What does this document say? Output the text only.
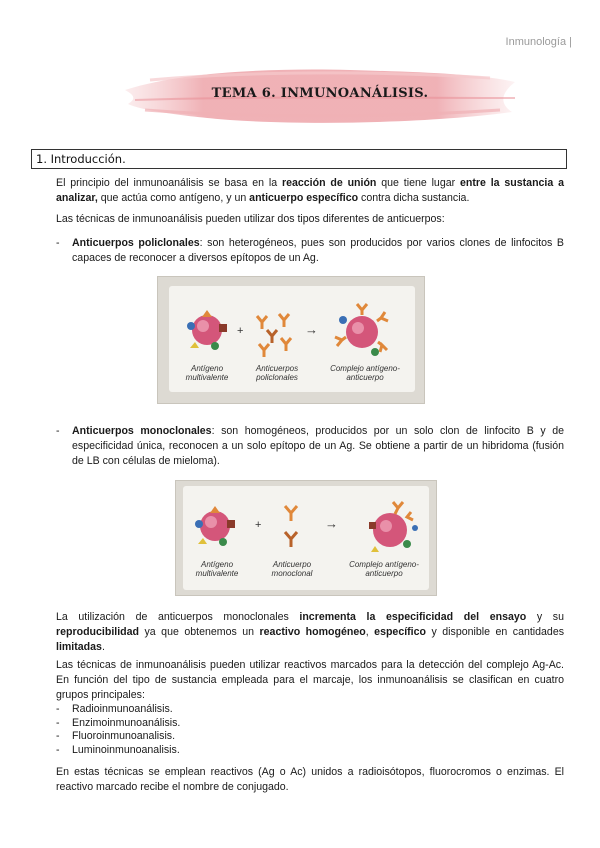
Inmunología |
TEMA 6. INMUNOANÁLISIS.
1. Introducción.

El principio del inmunoanálisis se basa en la reacción de unión que tiene lugar entre la sustancia a analizar, que actúa como antígeno, y un anticuerpo específico contra dicha sustancia.

Las técnicas de inmunoanálisis pueden utilizar dos tipos diferentes de anticuerpos:

- Anticuerpos policlonales: son heterogéneos, pues son producidos por varios clones de linfocitos B capaces de reconocer a diversos epítopos de un Ag.
+	→
Antígeno multivalente
Anticuerpos policlonales
Complejo antígeno-anticuerpo
- Anticuerpos monoclonales: son homogéneos, producidos por un solo clon de linfocito B y de especificidad única, reconocen a un solo epítopo de un Ag. Se obtiene a partir de un hibridoma (fusión de LB con células de mieloma).
+	→
Antígeno multivalente
Anticuerpo monoclonal
Complejo antígeno-anticuerpo

La utilización de anticuerpos monoclonales incrementa la especificidad del ensayo y su reproducibilidad ya que obtenemos un reactivo homogéneo, específico y disponible en cantidades limitadas.

Las técnicas de inmunoanálisis pueden utilizar reactivos marcados para la detección del complejo Ag-Ac. En función del tipo de sustancia empleada para el marcaje, los inmunoanálisis se clasifican en cuatro grupos principales:

- Radioinmunoanálisis.
- Enzimoinmunoanálisis.
- Fluoroinmunoanalisis.
- Luminoinmunoanalisis.

En estas técnicas se emplean reactivos (Ag o Ac) unidos a radioisótopos, fluorocromos o enzimas. El reactivo marcado recibe el nombre de conjugado.
